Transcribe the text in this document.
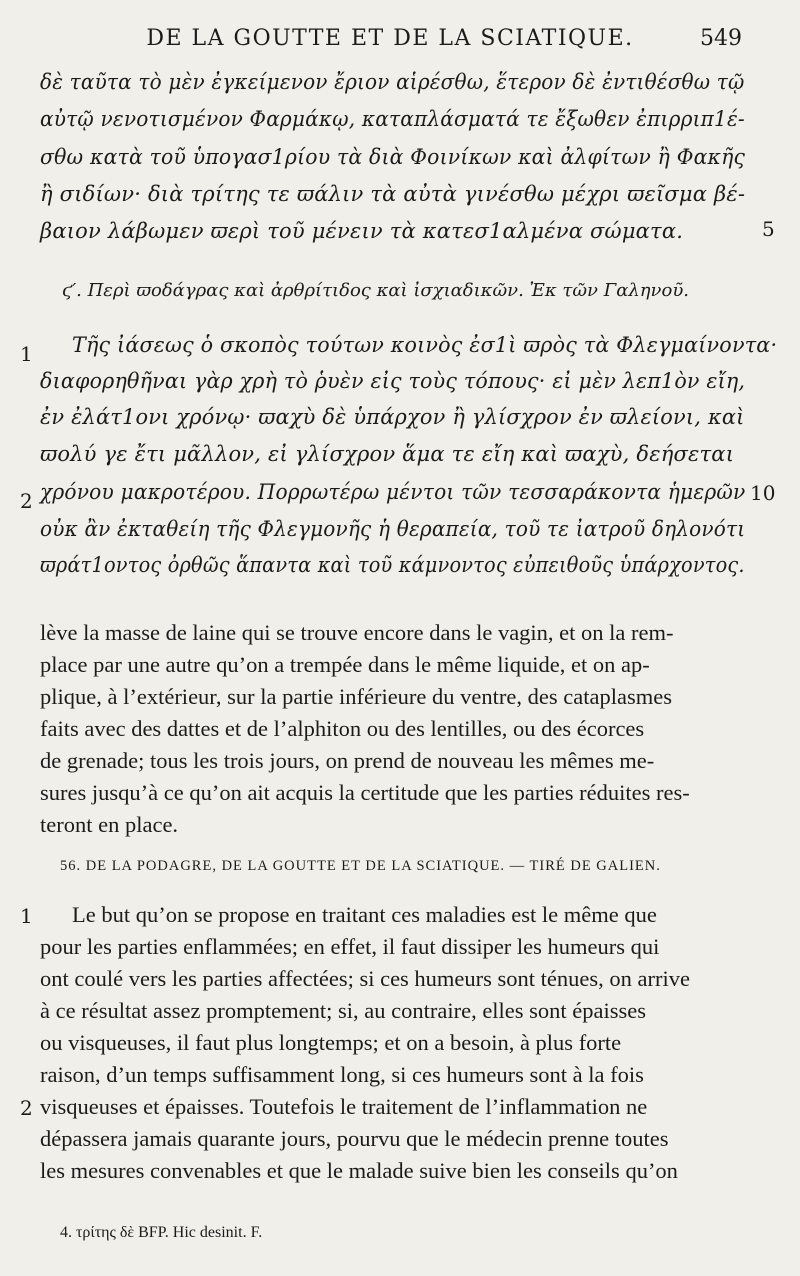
DE LA GOUTTE ET DE LA SCIATIQUE.	549
δὲ ταῦτα τὸ μὲν ἐγκείμενον ἔριον αἱρέσθω, ἕτερον δὲ ἐντιθέσθω τῷ
αὐτῷ νενοτισμένον Φαρμάκῳ, καταπλάσματά τε ἔξωθεν ἐπιρριπ1έ-
σθω κατὰ τοῦ ὑπογασ1ρίου τὰ διὰ Φοινίκων καὶ ἀλφίτων ἢ Φακῆς
ἢ σιδίων· διὰ τρίτης τε ϖάλιν τὰ αὐτὰ γινέσθω μέχρι ϖεῖσμα βέ-
βαιον λάβωμεν ϖερὶ τοῦ μένειν τὰ κατεσ1αλμένα σώματα.	5
ϛ′. Περὶ ϖοδάγρας καὶ ἀρθρίτιδος καὶ ἰσχιαδικῶν. Ἐκ τῶν Γαληνοῦ.
1 Τῆς ἰάσεως ὁ σκοπὸς τούτων κοινὸς ἐσ1ὶ ϖρὸς τὰ Φλεγμαίνοντα·
διαφορηθῆναι γὰρ χρὴ τὸ ῥυὲν εἰς τοὺς τόπους· εἰ μὲν λεπ1ὸν εἴη,
ἐν ἐλάτ1ονι χρόνῳ· ϖαχὺ δὲ ὑπάρχον ἢ γλίσχρον ἐν ϖλείονι, καὶ
ϖολύ γε ἔτι μᾶλλον, εἰ γλίσχρον ἅμα τε εἴη καὶ ϖαχὺ, δεήσεται
χρόνου μακροτέρου. Πορρωτέρω μέντοι τῶν τεσσαράκοντα ἡμερῶν
οὐκ ἂν ἐκταθείη τῆς Φλεγμονῆς ἡ θεραπεία, τοῦ τε ἰατροῦ δηλονότι
ϖράτ1οντος ὀρθῶς ἅπαντα καὶ τοῦ κάμνοντος εὐπειθοῦς ὑπάρχοντος.
2	10
lève la masse de laine qui se trouve encore dans le vagin, et on la rem-
place par une autre qu’on a trempée dans le même liquide, et on ap-
plique, à l’extérieur, sur la partie inférieure du ventre, des cataplasmes
faits avec des dattes et de l’alphiton ou des lentilles, ou des écorces
de grenade; tous les trois jours, on prend de nouveau les mêmes me-
sures jusqu’à ce qu’on ait acquis la certitude que les parties réduites res-
teront en place.
56. DE LA PODAGRE, DE LA GOUTTE ET DE LA SCIATIQUE. — TIRÉ DE GALIEN.
1 Le but qu’on se propose en traitant ces maladies est le même que
pour les parties enflammées; en effet, il faut dissiper les humeurs qui
ont coulé vers les parties affectées; si ces humeurs sont ténues, on arrive
à ce résultat assez promptement; si, au contraire, elles sont épaisses
ou visqueuses, il faut plus longtemps; et on a besoin, à plus forte
raison, d’un temps suffisamment long, si ces humeurs sont à la fois
visqueuses et épaisses. Toutefois le traitement de l’inflammation ne
dépassera jamais quarante jours, pourvu que le médecin prenne toutes
les mesures convenables et que le malade suive bien les conseils qu’on
2
4. τρίτης δὲ BFP. Hic desinit. F.
